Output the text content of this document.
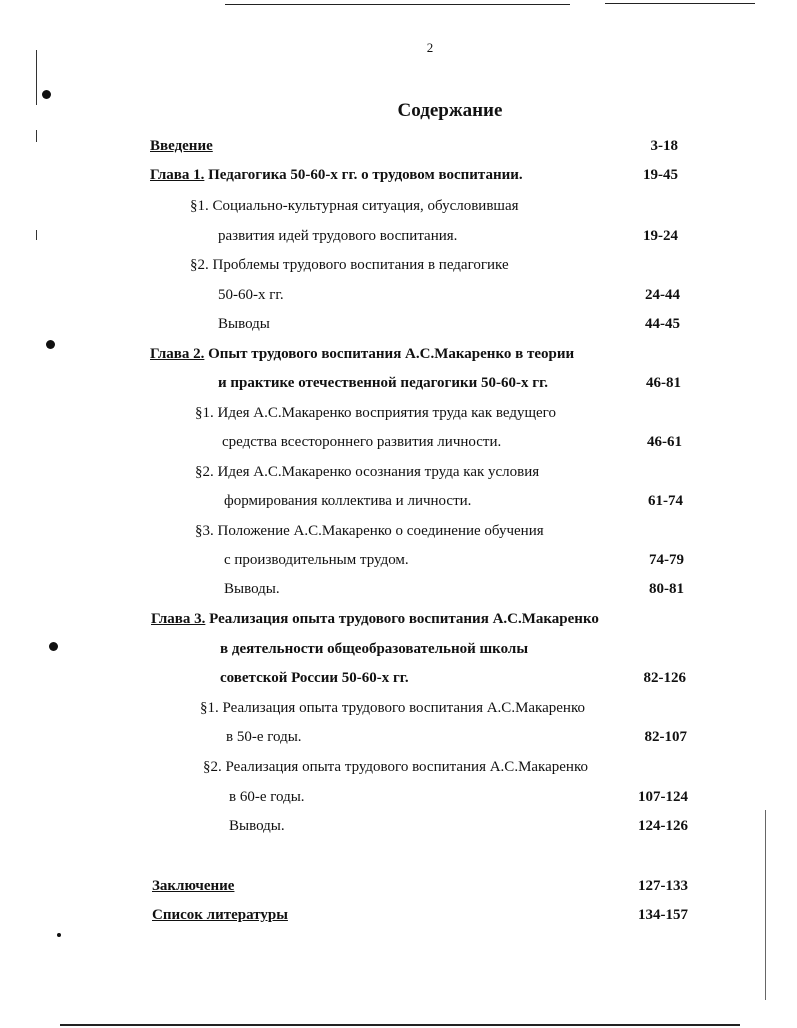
2
Содержание
Введение	3-18
Глава 1. Педагогика 50-60-х гг. о трудовом воспитании.	19-45
§1. Социально-культурная ситуация, обусловившая
развития идей трудового воспитания.	19-24
§2. Проблемы трудового воспитания в педагогике
50-60-х гг.	24-44
Выводы	44-45
Глава 2. Опыт трудового воспитания А.С.Макаренко в теории
и практике отечественной педагогики 50-60-х гг.	46-81
§1. Идея А.С.Макаренко восприятия труда как ведущего
средства всестороннего развития личности.	46-61
§2. Идея А.С.Макаренко осознания труда как условия
формирования коллектива и личности.	61-74
§3. Положение А.С.Макаренко о соединение обучения
с производительным трудом.	74-79
Выводы.	80-81
Глава 3. Реализация опыта трудового воспитания А.С.Макаренко
в деятельности общеобразовательной школы
советской России 50-60-х гг.	82-126
§1. Реализация опыта трудового воспитания А.С.Макаренко
в 50-е годы.	82-107
§2. Реализация опыта трудового воспитания А.С.Макаренко
в 60-е годы.	107-124
Выводы.	124-126
Заключение	127-133
Список литературы	134-157
